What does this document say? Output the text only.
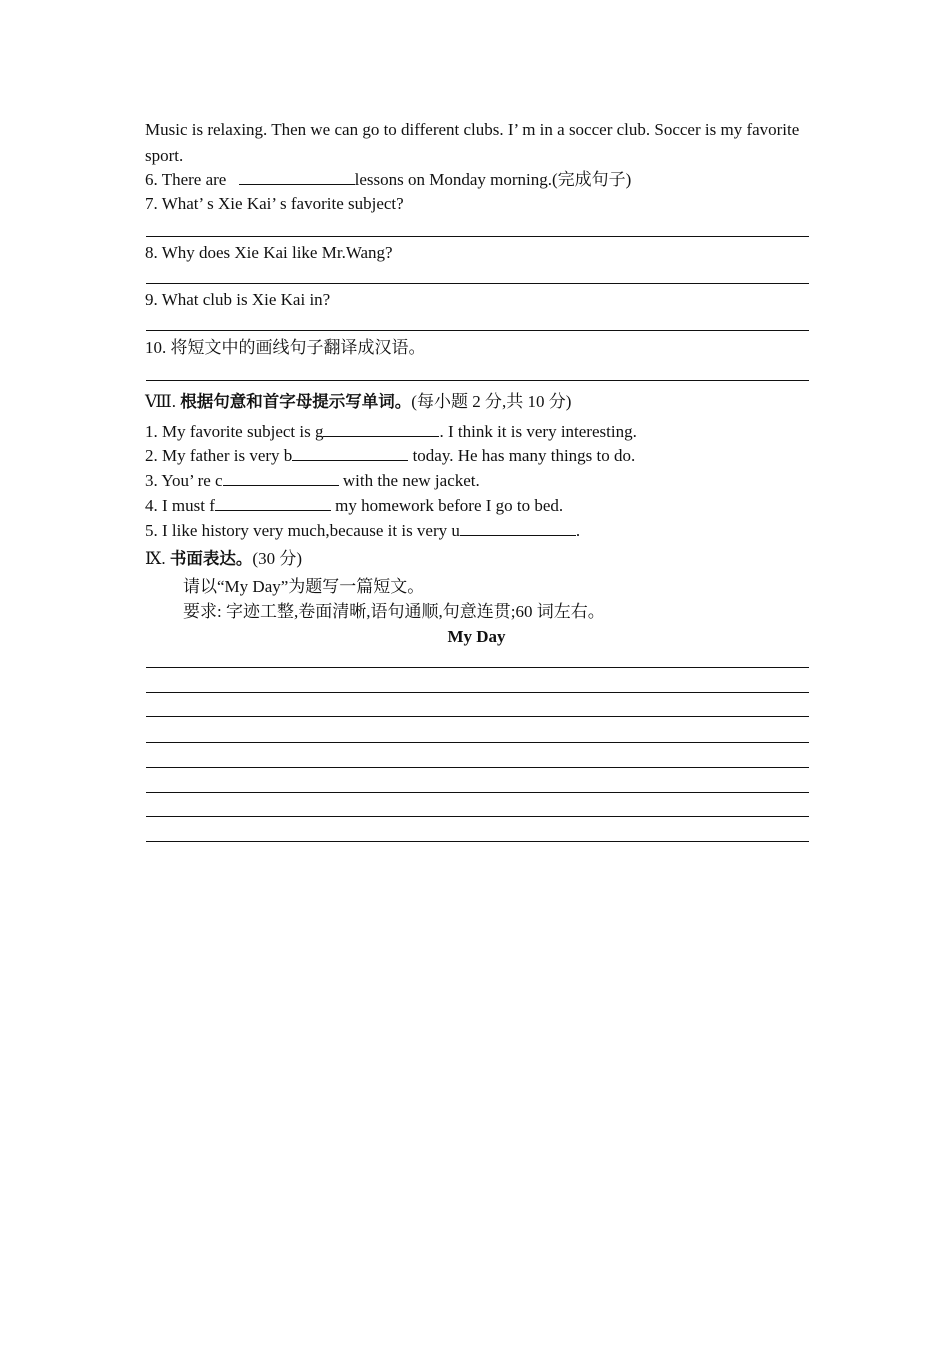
Music is relaxing. Then we can go to different clubs. I’ m in a soccer club. Soccer is my favorite sport.
6. There are	lessons on Monday morning.(完成句子)
7. What’ s Xie Kai’ s favorite subject?
8. Why does Xie Kai like Mr.Wang?
9. What club is Xie Kai in?
10. 将短文中的画线句子翻译成汉语。
Ⅷ. 根据句意和首字母提示写单词。(每小题 2 分,共 10 分)
1. My favorite subject is g	. I think it is very interesting.
2. My father is very b	today. He has many things to do.
3. You’ re c	with the new jacket.
4. I must f	my homework before I go to bed.
5. I like history very much,because it is very u	.
Ⅸ. 书面表达。(30 分)
请以“My Day”为题写一篇短文。
要求: 字迹工整,卷面清晰,语句通顺,句意连贯;60 词左右。
My Day
